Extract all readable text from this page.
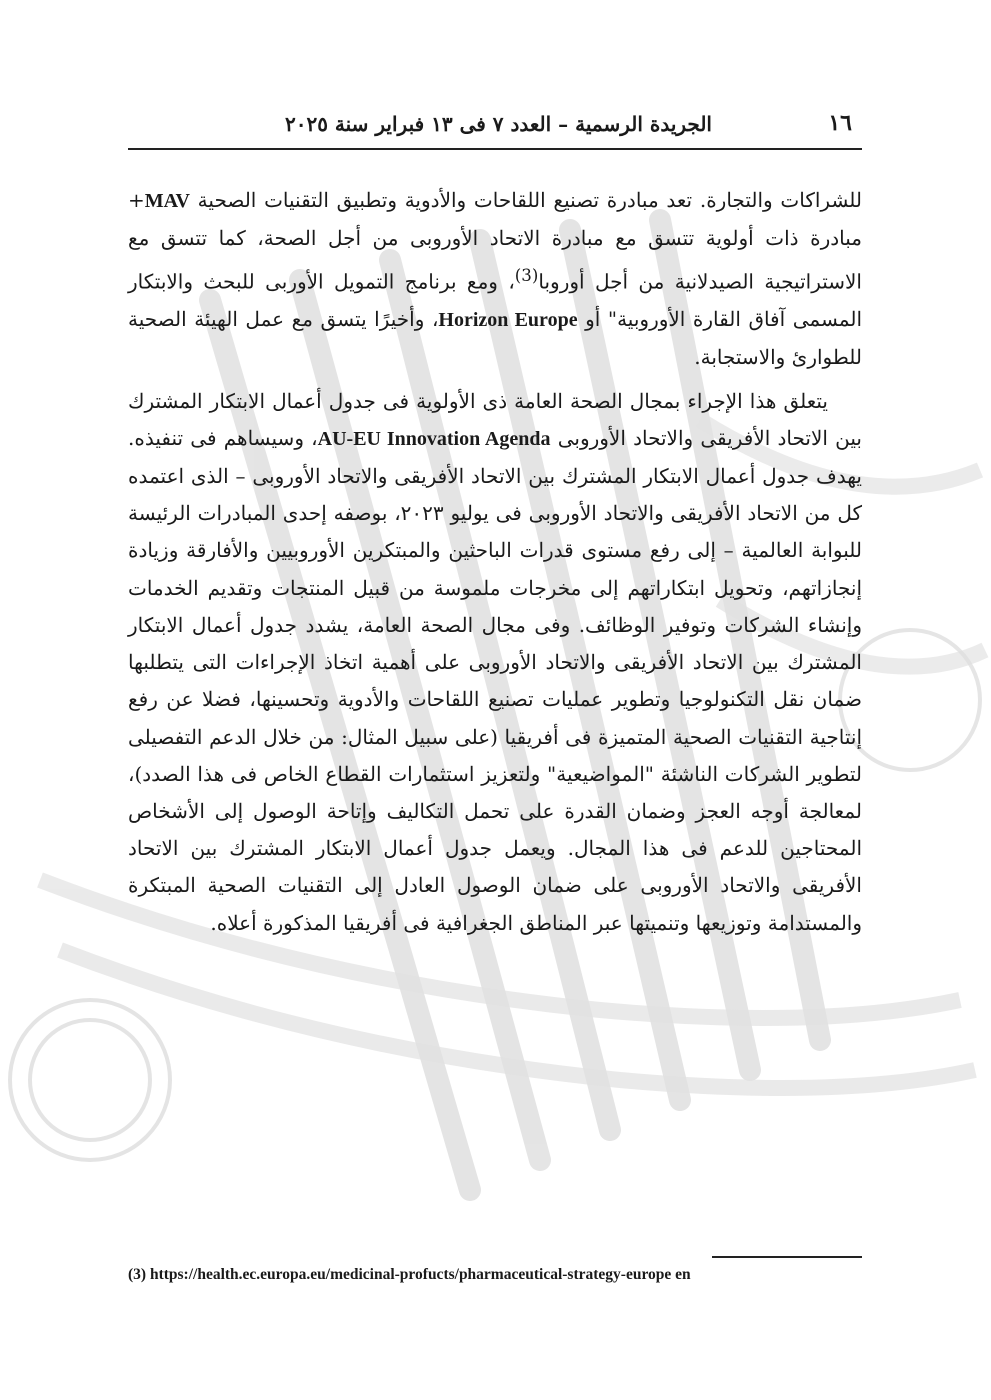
١٦
الجريدة الرسمية – العدد ٧ فى ١٣ فبراير سنة ٢٠٢٥

للشراكات والتجارة. تعد مبادرة تصنيع اللقاحات والأدوية وتطبيق التقنيات الصحية MAV+ مبادرة ذات أولوية تتسق مع مبادرة الاتحاد الأوروبى من أجل الصحة، كما تتسق مع الاستراتيجية الصيدلانية من أجل أوروبا$^{(3)}$، ومع برنامج التمويل الأوربى للبحث والابتكار المسمى آفاق القارة الأوروبية" أو Horizon Europe، وأخيرًا يتسق مع عمل الهيئة الصحية للطوارئ والاستجابة.

يتعلق هذا الإجراء بمجال الصحة العامة ذى الأولوية فى جدول أعمال الابتكار المشترك بين الاتحاد الأفريقى والاتحاد الأوروبى AU-EU Innovation Agenda، وسيساهم فى تنفيذه. يهدف جدول أعمال الابتكار المشترك بين الاتحاد الأفريقى والاتحاد الأوروبى – الذى اعتمده كل من الاتحاد الأفريقى والاتحاد الأوروبى فى يوليو ٢٠٢٣، بوصفه إحدى المبادرات الرئيسة للبوابة العالمية – إلى رفع مستوى قدرات الباحثين والمبتكرين الأوروبيين والأفارقة وزيادة إنجازاتهم، وتحويل ابتكاراتهم إلى مخرجات ملموسة من قبيل المنتجات وتقديم الخدمات وإنشاء الشركات وتوفير الوظائف. وفى مجال الصحة العامة، يشدد جدول أعمال الابتكار المشترك بين الاتحاد الأفريقى والاتحاد الأوروبى على أهمية اتخاذ الإجراءات التى يتطلبها ضمان نقل التكنولوجيا وتطوير عمليات تصنيع اللقاحات والأدوية وتحسينها، فضلا عن رفع إنتاجية التقنيات الصحية المتميزة فى أفريقيا (على سبيل المثال: من خلال الدعم التفصيلى لتطوير الشركات الناشئة "المواضيعية" ولتعزيز استثمارات القطاع الخاص فى هذا الصدد)، لمعالجة أوجه العجز وضمان القدرة على تحمل التكاليف وإتاحة الوصول إلى الأشخاص المحتاجين للدعم فى هذا المجال. ويعمل جدول أعمال الابتكار المشترك بين الاتحاد الأفريقى والاتحاد الأوروبى على ضمان الوصول العادل إلى التقنيات الصحية المبتكرة والمستدامة وتوزيعها وتنميتها عبر المناطق الجغرافية فى أفريقيا المذكورة أعلاه.

(3) https://health.ec.europa.eu/medicinal-profucts/pharmaceutical-strategy-europe en
